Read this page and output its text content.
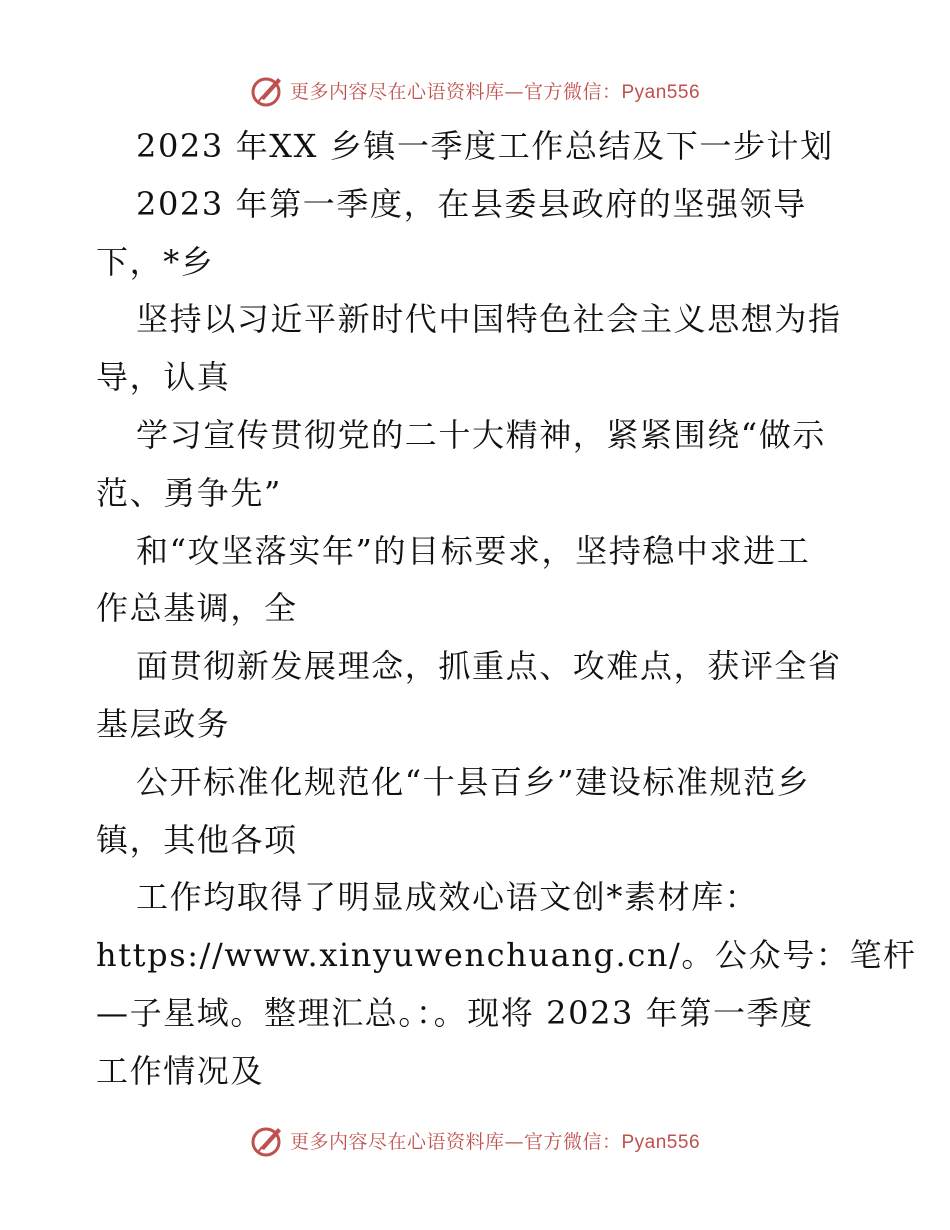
更多内容尽在心语资料库—官方微信：Pyan556
2023 年XX 乡镇一季度工作总结及下一步计划
2023 年第一季度，在县委县政府的坚强领导
下，*乡
坚持以习近平新时代中国特色社会主义思想为指
导，认真
学习宣传贯彻党的二十大精神，紧紧围绕“做示
范、勇争先”
和“攻坚落实年”的目标要求，坚持稳中求进工
作总基调，全
面贯彻新发展理念，抓重点、攻难点，获评全省
基层政务
公开标准化规范化“十县百乡”建设标准规范乡
镇，其他各项
工作均取得了明显成效心语文创*素材库：
https://www.xinyuwenchuang.cn/。公众号：笔杆
—子星域。整理汇总。：。现将 2023 年第一季度
工作情况及
更多内容尽在心语资料库—官方微信：Pyan556
